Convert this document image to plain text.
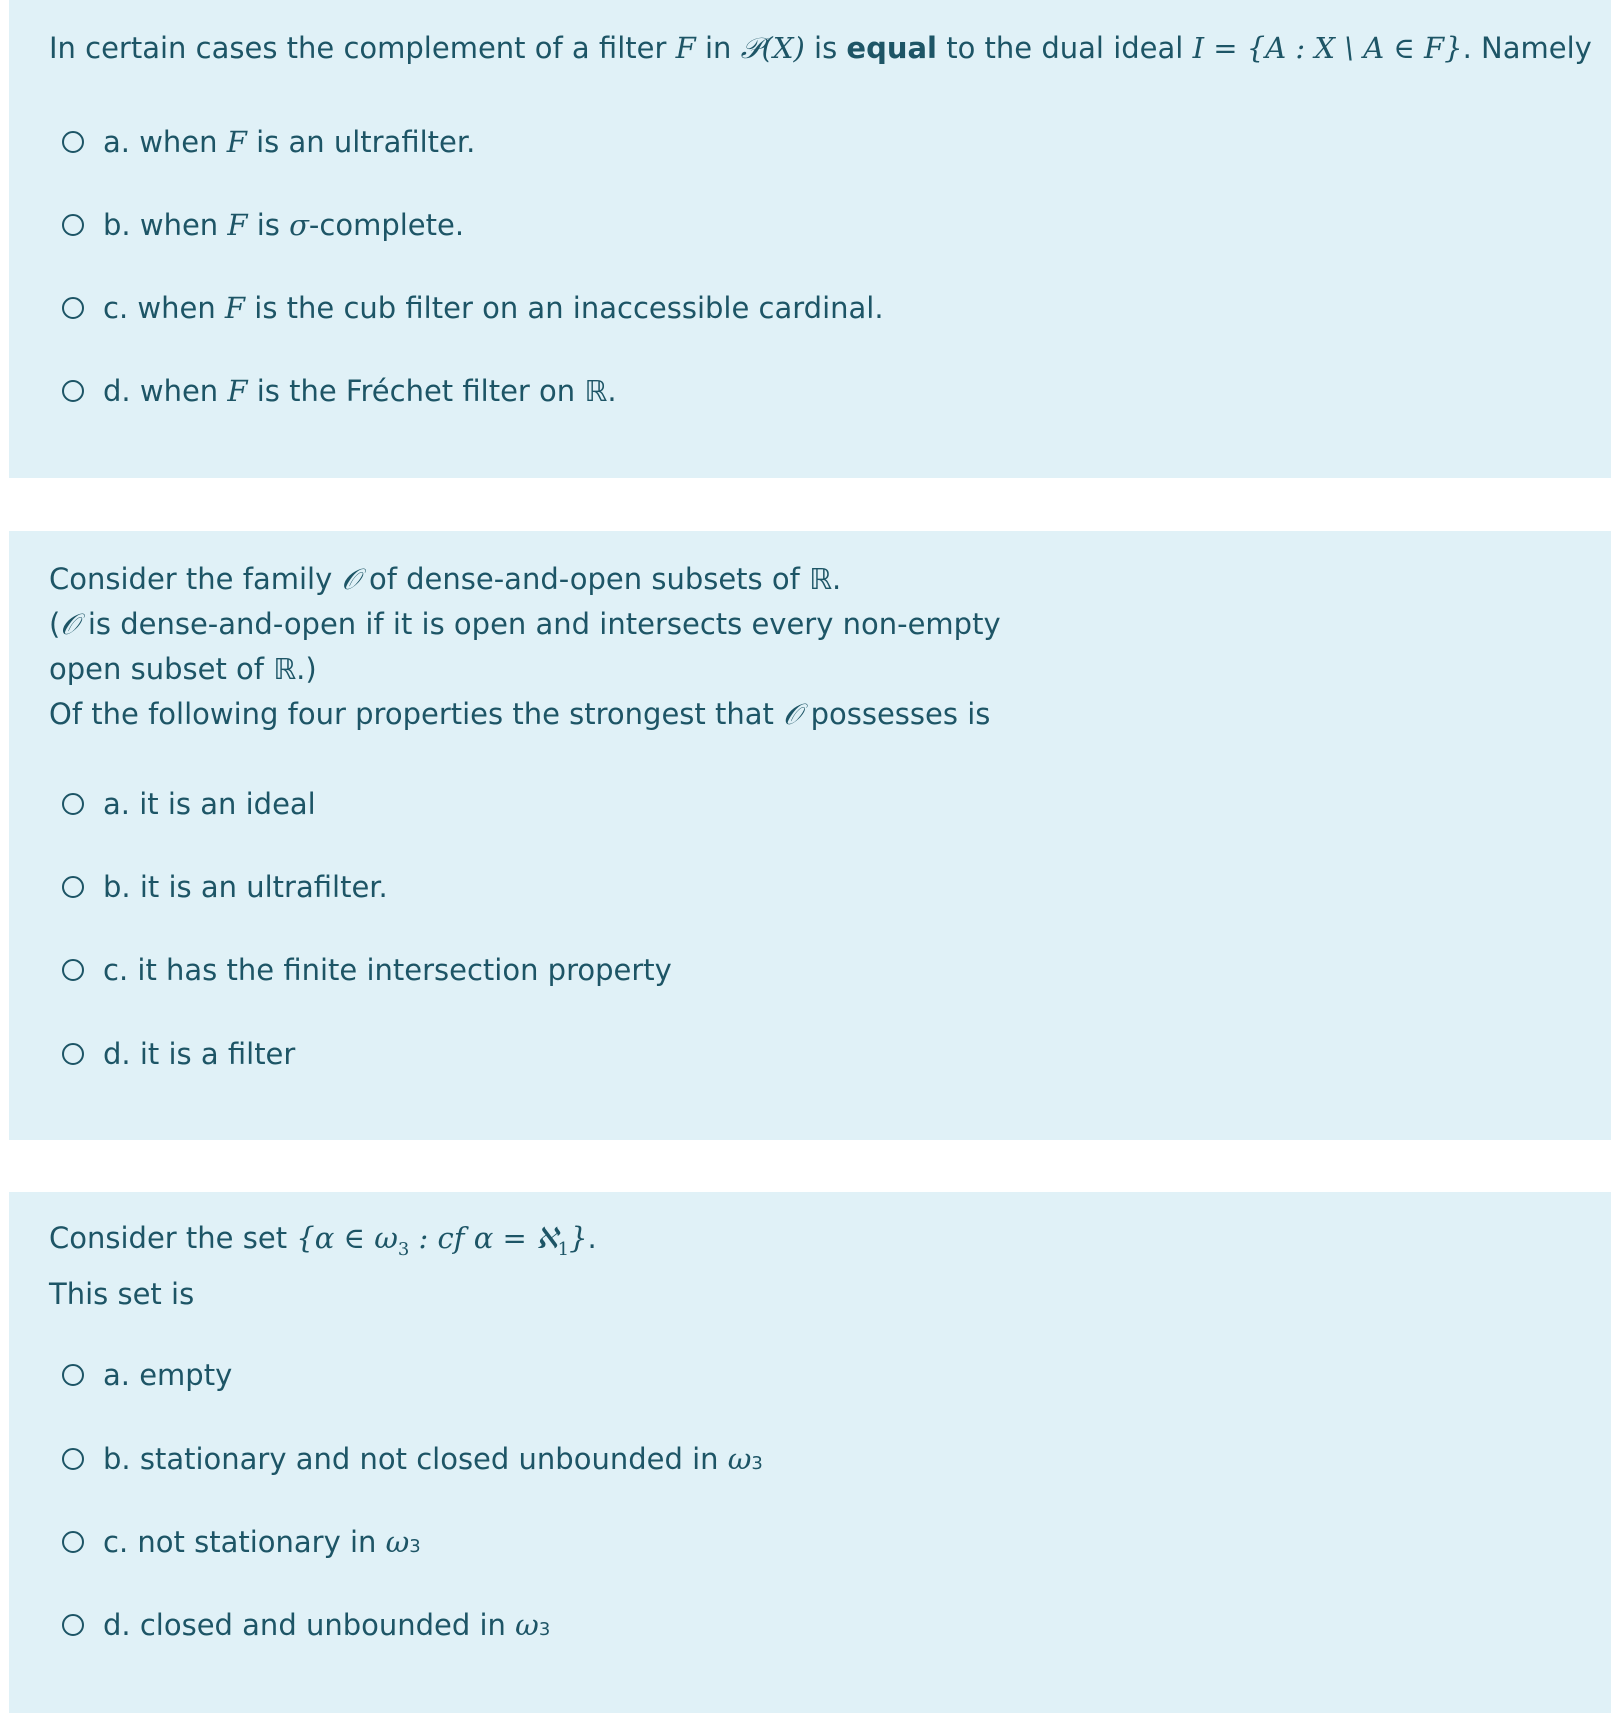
In certain cases the complement of a filter F in 𝒫(X) is equal to the dual ideal I = {A : X \ A ∈ F}. Namely
a. when F is an ultrafilter.
b. when F is σ -complete.
c. when F is the cub filter on an inaccessible cardinal.
d. when F is the Fréchet filter on ℝ .
Consider the family 𝒪 of dense-and-open subsets of ℝ.
(𝒪 is dense-and-open if it is open and intersects every non-empty
open subset of ℝ.)
Of the following four properties the strongest that 𝒪 possesses is
a. it is an ideal
b. it is an ultrafilter.
c. it has the finite intersection property
d. it is a filter
Consider the set {α ∈ $\omega_3$ : cf α = ℵ$_1$}.
This set is
a. empty
b. stationary and not closed unbounded in ω 3
c. not stationary in ω 3
d. closed and unbounded in ω 3
